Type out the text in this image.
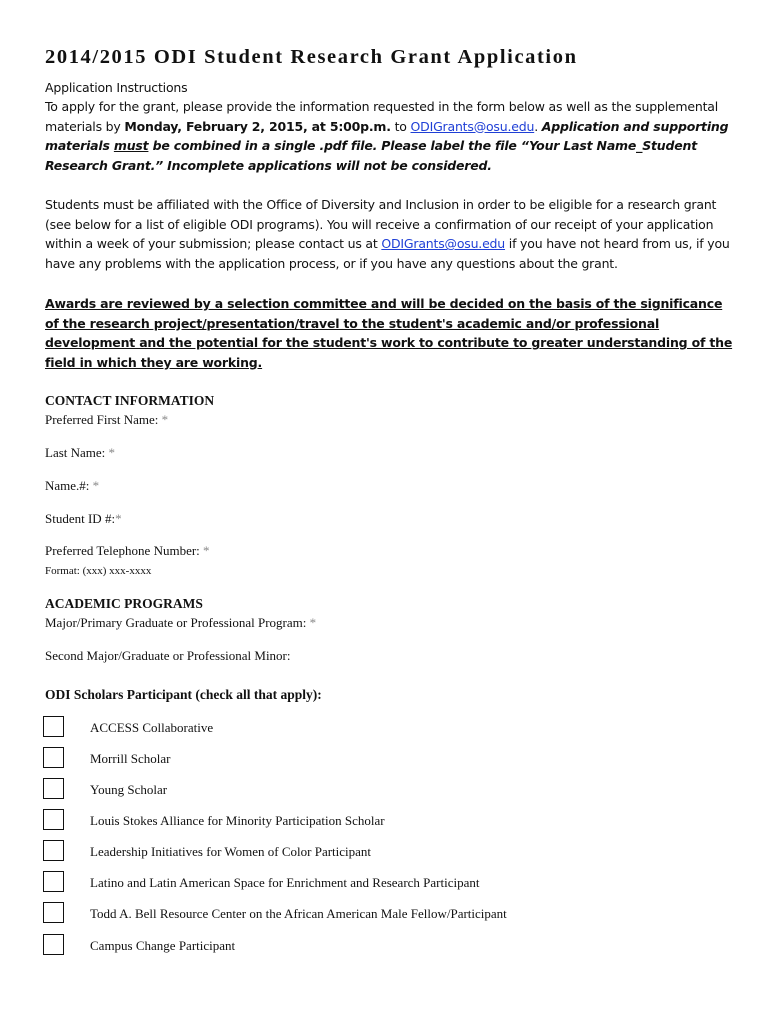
2014/2015 ODI Student Research Grant Application

Application Instructions

To apply for the grant, please provide the information requested in the form below as well as the supplemental materials by Monday, February 2, 2015, at 5:00p.m. to ODIGrants@osu.edu. Application and supporting materials must be combined in a single .pdf file. Please label the file “Your Last Name_Student Research Grant.” Incomplete applications will not be considered.

Students must be affiliated with the Office of Diversity and Inclusion in order to be eligible for a research grant (see below for a list of eligible ODI programs). You will receive a confirmation of our receipt of your application within a week of your submission; please contact us at ODIGrants@osu.edu if you have not heard from us, if you have any problems with the application process, or if you have any questions about the grant.

Awards are reviewed by a selection committee and will be decided on the basis of the significance of the research project/presentation/travel to the student's academic and/or professional development and the potential for the student's work to contribute to greater understanding of the field in which they are working.

CONTACT INFORMATION

Preferred First Name: *

Last Name: *

Name.#: *

Student ID #:*

Preferred Telephone Number: *

Format: (xxx) xxx-xxxx

ACADEMIC PROGRAMS

Major/Primary Graduate or Professional Program: *

Second Major/Graduate or Professional Minor:

ODI Scholars Participant (check all that apply):

ACCESS Collaborative
Morrill Scholar
Young Scholar
Louis Stokes Alliance for Minority Participation Scholar
Leadership Initiatives for Women of Color Participant
Latino and Latin American Space for Enrichment and Research Participant
Todd A. Bell Resource Center on the African American Male Fellow/Participant
Campus Change Participant
